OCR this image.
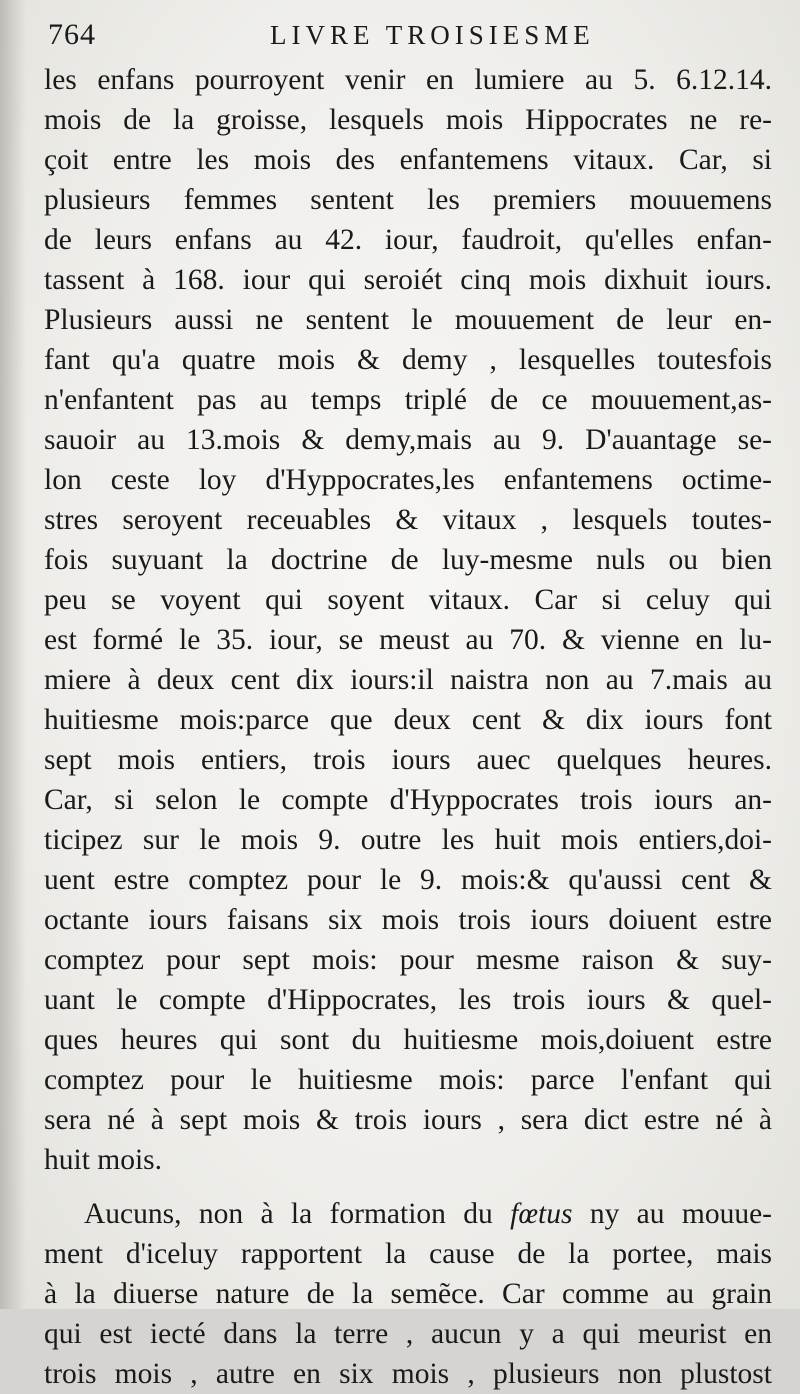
764	LIVRE TROISIESME
les enfans pourroyent venir en lumiere au 5. 6.12.14.
mois de la groisse, lesquels mois Hippocrates ne re-
çoit entre les mois des enfantemens vitaux. Car, si
plusieurs femmes sentent les premiers mouuemens
de leurs enfans au 42. iour, faudroit, qu'elles enfan-
tassent à 168. iour qui seroiét cinq mois dixhuit iours.
Plusieurs aussi ne sentent le mouuement de leur en-
fant qu'a quatre mois & demy , lesquelles toutesfois
n'enfantent pas au temps triplé de ce mouuement,as-
sauoir au 13.mois & demy,mais au 9. D'auantage se-
lon ceste loy d'Hyppocrates,les enfantemens octime-
stres seroyent receuables & vitaux , lesquels toutes-
fois suyuant la doctrine de luy-mesme nuls ou bien
peu se voyent qui soyent vitaux. Car si celuy qui
est formé le 35. iour, se meust au 70. & vienne en lu-
miere à deux cent dix iours:il naistra non au 7.mais au
huitiesme mois:parce que deux cent & dix iours font
sept mois entiers, trois iours auec quelques heures.
Car, si selon le compte d'Hyppocrates trois iours an-
ticipez sur le mois 9. outre les huit mois entiers,doi-
uent estre comptez pour le 9. mois:& qu'aussi cent &
octante iours faisans six mois trois iours doiuent estre
comptez pour sept mois: pour mesme raison & suy-
uant le compte d'Hippocrates, les trois iours & quel-
ques heures qui sont du huitiesme mois,doiuent estre
comptez pour le huitiesme mois: parce l'enfant qui
sera né à sept mois & trois iours , sera dict estre né à
huit mois.
Aucuns, non à la formation du fœtus ny au mouue-
ment d'iceluy rapportent la cause de la portee, mais
à la diuerse nature de la semẽce. Car comme au grain
qui est iecté dans la terre , aucun y a qui meurist en
trois mois , autre en six mois , plusieurs non plustost
